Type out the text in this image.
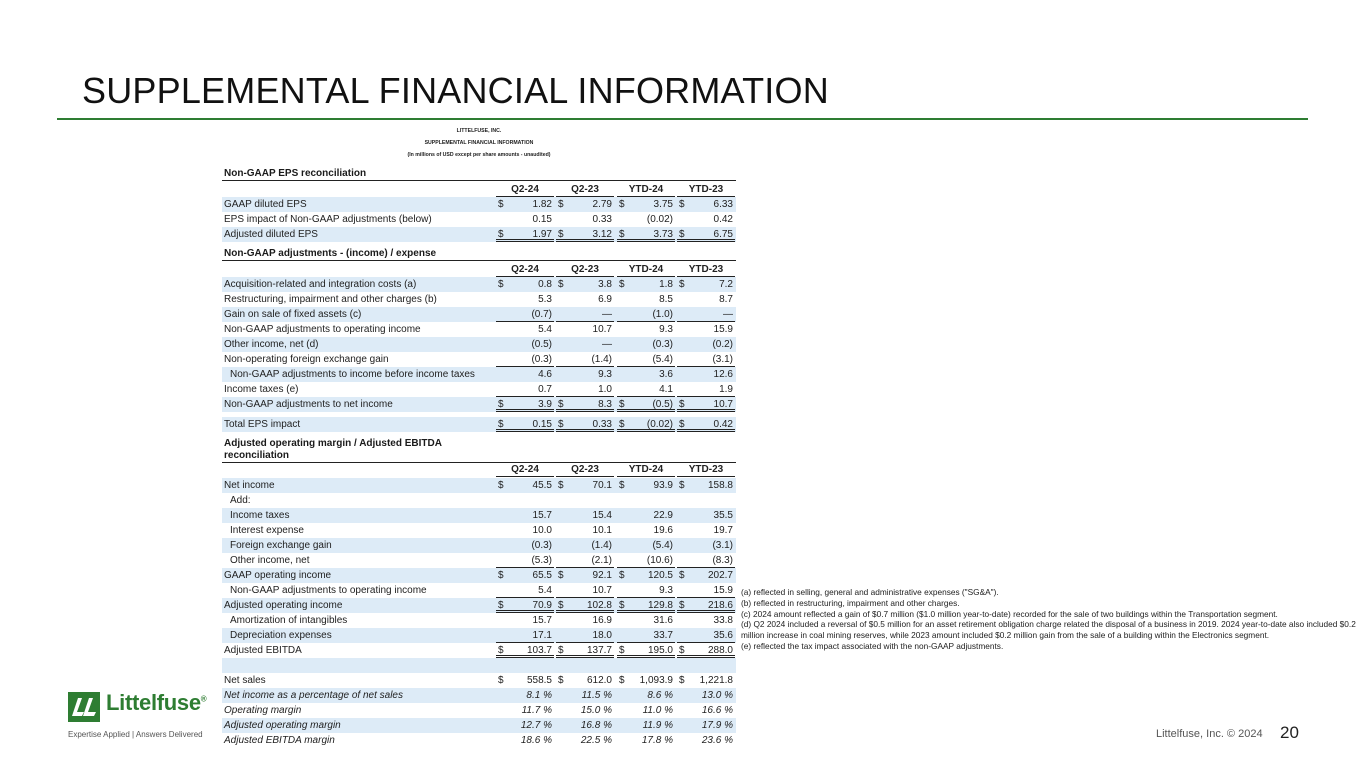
SUPPLEMENTAL FINANCIAL INFORMATION
LITTELFUSE, INC.
SUPPLEMENTAL FINANCIAL INFORMATION
(In millions of USD except per share amounts - unaudited)
Non-GAAP EPS reconciliation
Q2-24	Q2-23	YTD-24	YTD-23
GAAP diluted EPS	$	1.82 $	2.79 $	3.75 $	6.33
EPS impact of Non-GAAP adjustments (below)	0.15	0.33	(0.02)	0.42
Adjusted diluted EPS	$	1.97 $	3.12 $	3.73 $	6.75
Non-GAAP adjustments - (income) / expense
Q2-24	Q2-23	YTD-24	YTD-23
Acquisition-related and integration costs (a)	$	0.8 $	3.8 $	1.8 $	7.2
Restructuring, impairment and other charges (b)	5.3	6.9	8.5	8.7
Gain on sale of fixed assets (c)	(0.7)	—	(1.0)	—
Non-GAAP adjustments to operating income	5.4	10.7	9.3	15.9
Other income, net (d)	(0.5)	—	(0.3)	(0.2)
Non-operating foreign exchange gain	(0.3)	(1.4)	(5.4)	(3.1)
Non-GAAP adjustments to income before income taxes	4.6	9.3	3.6	12.6
Income taxes (e)	0.7	1.0	4.1	1.9
Non-GAAP adjustments to net income	$	3.9 $	8.3 $	(0.5) $	10.7
Total EPS impact	$	0.15 $	0.33 $ (0.02) $	0.42
Adjusted operating margin / Adjusted EBITDA
reconciliation
Q2-24	Q2-23	YTD-24	YTD-23
Net income	$	45.5 $	70.1 $	93.9 $ 158.8
Add:
Income taxes	15.7	15.4	22.9	35.5
Interest expense	10.0	10.1	19.6	19.7
Foreign exchange gain	(0.3)	(1.4)	(5.4)	(3.1)
Other income, net	(5.3)	(2.1)	(10.6)	(8.3)
GAAP operating income	$	65.5 $	92.1 $ 120.5 $ 202.7
Non-GAAP adjustments to operating income	5.4	10.7	9.3	15.9
Adjusted operating income	$	70.9 $ 102.8 $ 129.8 $ 218.6
Amortization of intangibles	15.7	16.9	31.6	33.8
Depreciation expenses	17.1	18.0	33.7	35.6
Adjusted EBITDA	$ 103.7 $ 137.7 $ 195.0 $ 288.0
Net sales	$ 558.5 $ 612.0 $ 1,093.9 $ 1,221.8
Net income as a percentage of net sales	8.1 %	11.5 %	8.6 %	13.0 %
Operating margin	11.7 %	15.0 %	11.0 %	16.6 %
Adjusted operating margin	12.7 %	16.8 %	11.9 %	17.9 %
Adjusted EBITDA margin	18.6 %	22.5 %	17.8 %	23.6 %
(a) reflected in selling, general and administrative expenses ("SG&A").
(b) reflected in restructuring, impairment and other charges.
(c) 2024 amount reflected a gain of $0.7 million ($1.0 million year-to-date) recorded for the sale of two buildings within the Transportation segment.
(d) Q2 2024 included a reversal of $0.5 million for an asset retirement obligation charge related the disposal of a business in 2019. 2024 year-to-date also included $0.2 million increase in coal mining reserves, while 2023 amount included $0.2 million gain from the sale of a building within the Electronics segment.
(e) reflected the tax impact associated with the non-GAAP adjustments.
Littelfuse®
Expertise Applied | Answers Delivered	Littelfuse, Inc. © 2024 20
